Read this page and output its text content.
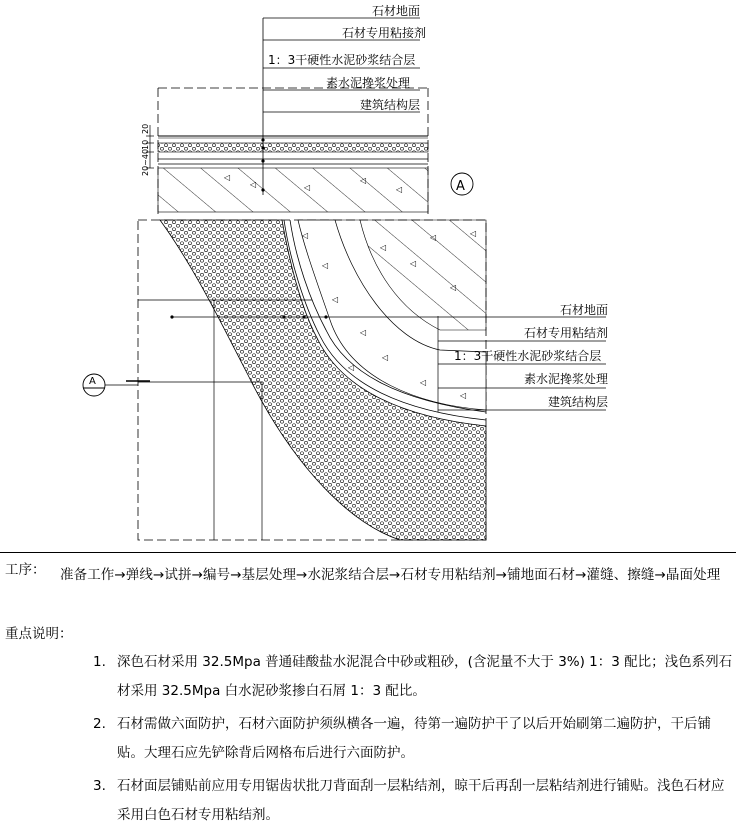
◁
◁	◁
◁
◁
20
10
20~40
A
石材地面
石材专用粘接剂
1：3干硬性水泥砂浆结合层
素水泥搀浆处理
建筑结构层
◁
◁
◁
◁
◁
◁
◁
◁
◁
◁
◁
◁
◁
石材地面
石材专用粘结剂
1：3干硬性水泥砂浆结合层
素水泥搀浆处理
建筑结构层
A
工序： 准备工作→弹线→试拼→编号→基层处理→水泥浆结合层→石材专用粘结剂→铺地面石材→灌缝、擦缝→晶面处理
重点说明：
1. 深色石材采用 32.5Mpa 普通硅酸盐水泥混合中砂或粗砂，(含泥量不大于 3%) 1：3 配比；浅色系列石材采用 32.5Mpa 白水泥砂浆掺白石屑 1：3 配比。
2. 石材需做六面防护，石材六面防护须纵横各一遍，待第一遍防护干了以后开始刷第二遍防护，干后铺贴。大理石应先铲除背后网格布后进行六面防护。
3. 石材面层铺贴前应用专用锯齿状批刀背面刮一层粘结剂，晾干后再刮一层粘结剂进行铺贴。浅色石材应采用白色石材专用粘结剂。
